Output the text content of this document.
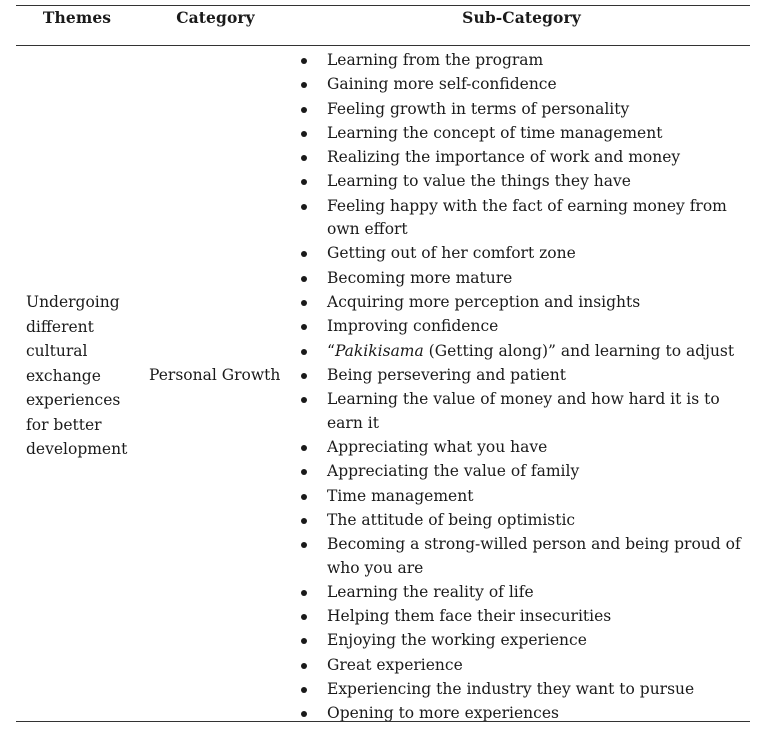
Themes	Category	Sub-Category
Undergoing
different
cultural
exchange
experiences
for better
development
Personal Growth
Learning from the program
Gaining more self-confidence
Feeling growth in terms of personality
Learning the concept of time management
Realizing the importance of work and money
Learning to value the things they have
Feeling happy with the fact of earning money from own effort
Getting out of her comfort zone
Becoming more mature
Acquiring more perception and insights
Improving confidence
“Pakikisama (Getting along)” and learning to adjust
Being persevering and patient
Learning the value of money and how hard it is to earn it
Appreciating what you have
Appreciating the value of family
Time management
The attitude of being optimistic
Becoming a strong-willed person and being proud of who you are
Learning the reality of life
Helping them face their insecurities
Enjoying the working experience
Great experience
Experiencing the industry they want to pursue
Opening to more experiences
